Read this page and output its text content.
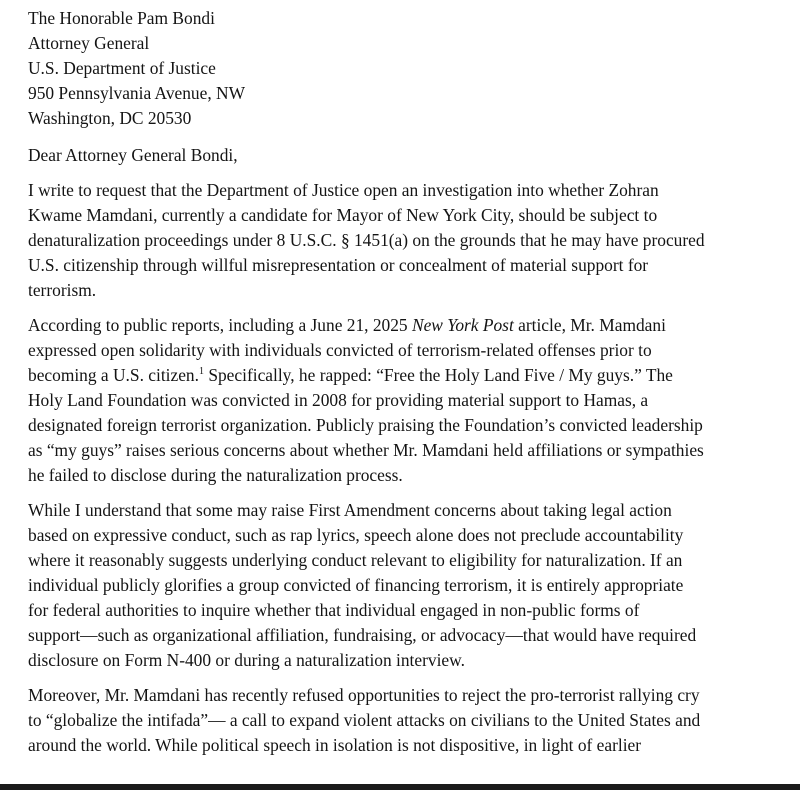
The Honorable Pam Bondi
Attorney General
U.S. Department of Justice
950 Pennsylvania Avenue, NW
Washington, DC 20530
Dear Attorney General Bondi,
I write to request that the Department of Justice open an investigation into whether Zohran
Kwame Mamdani, currently a candidate for Mayor of New York City, should be subject to
denaturalization proceedings under 8 U.S.C. § 1451(a) on the grounds that he may have procured
U.S. citizenship through willful misrepresentation or concealment of material support for
terrorism.
According to public reports, including a June 21, 2025 New York Post article, Mr. Mamdani
expressed open solidarity with individuals convicted of terrorism-related offenses prior to
becoming a U.S. citizen.$^1$ Specifically, he rapped: “Free the Holy Land Five / My guys.” The
Holy Land Foundation was convicted in 2008 for providing material support to Hamas, a
designated foreign terrorist organization. Publicly praising the Foundation’s convicted leadership
as “my guys” raises serious concerns about whether Mr. Mamdani held affiliations or sympathies
he failed to disclose during the naturalization process.
While I understand that some may raise First Amendment concerns about taking legal action
based on expressive conduct, such as rap lyrics, speech alone does not preclude accountability
where it reasonably suggests underlying conduct relevant to eligibility for naturalization. If an
individual publicly glorifies a group convicted of financing terrorism, it is entirely appropriate
for federal authorities to inquire whether that individual engaged in non-public forms of
support—such as organizational affiliation, fundraising, or advocacy—that would have required
disclosure on Form N-400 or during a naturalization interview.
Moreover, Mr. Mamdani has recently refused opportunities to reject the pro-terrorist rallying cry
to “globalize the intifada”— a call to expand violent attacks on civilians to the United States and
around the world. While political speech in isolation is not dispositive, in light of earlier
